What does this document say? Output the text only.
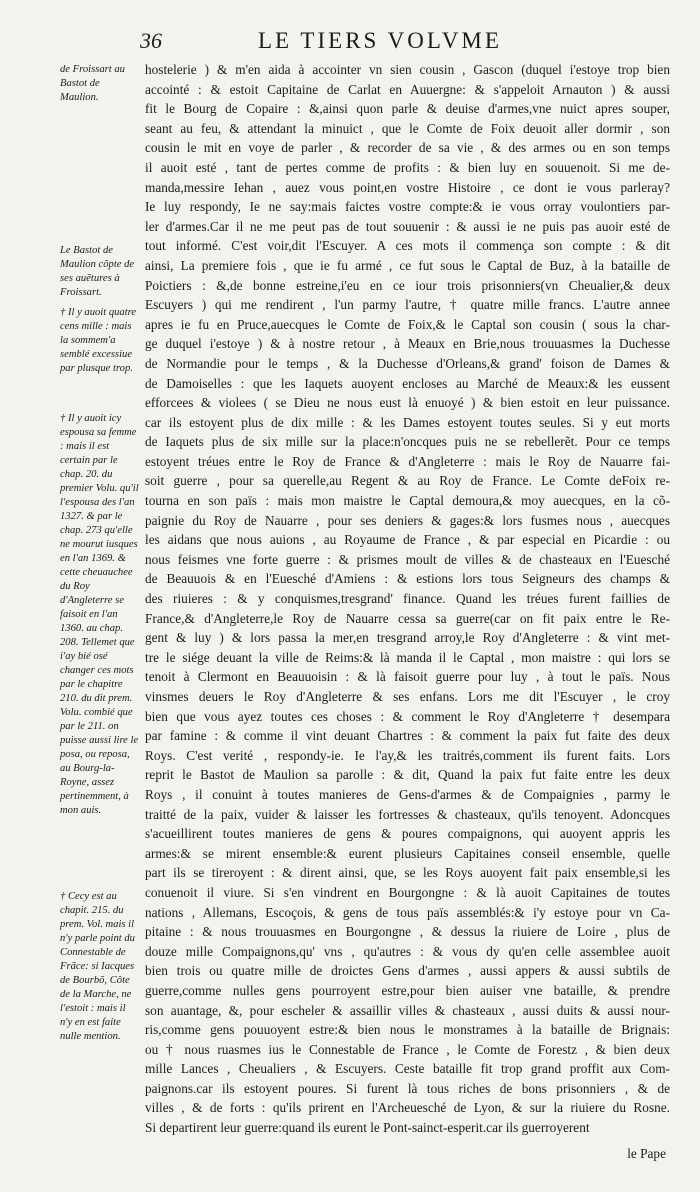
36	LE TIERS VOLVME

de Froissart au Bastot de Maulion.

Le Bastot de Maulion cõpte de ses auẽtures à Froissart.

† Il y auoit quatre cens mille : mais la sommem'a semblé excessiue par plusque trop.

† Il y auoit icy espousa sa femme : mais il est certain par le chap. 20. du premier Volu. qu'il l'espousa des l'an 1327. & par le chap. 273 qu'elle ne mourut iusques en l'an 1369. & cette cheuauchee du Roy d'Angleterre se faisoit en l'an 1360. au chap. 208. Tellemet que i'ay bié osé changer ces mots par le chapitre 210. du dit prem. Volu. combié que par le 211. on puisse aussi lire le posa, ou reposa, au Bourg-la-Royne, assez pertinemment, à mon auis.

† Cecy est au chapit. 215. du prem. Vol. mais il n'y parle point du Connestable de Frãce: si Iacques de Bourbõ, Côte de la Marche, ne l'estoit : mais il n'y en est faite nulle mention.

hostelerie ) & m'en aida à accointer vn sien cousin , Gascon (duquel i'estoye trop bien
accointé : & estoit Capitaine de Carlat en Auuergne: & s'appeloit Arnauton ) & aussi
fit le Bourg de Copaire : &,ainsi quon parle & deuise d'armes,vne nuict apres souper,
seant au feu, & attendant la minuict , que le Comte de Foix deuoit aller dormir , son
cousin le mit en voye de parler , & recorder de sa vie , & des armes ou en son temps
il auoit esté , tant de pertes comme de profits : & bien luy en souuenoit. Si me de-
manda,messire Iehan , auez vous point,en vostre Histoire , ce dont ie vous parleray?
Ie luy respondy, Ie ne say:mais faictes vostre compte:& ie vous orray voulontiers par-
ler d'armes.Car il ne me peut pas de tout souuenir : & aussi ie ne puis pas auoir esté de
tout informé. C'est voir,dit l'Escuyer. A ces mots il commença son compte : & dit
ainsi, La premiere fois , que ie fu armé , ce fut sous le Captal de Buz, à la bataille de
Poictiers : &,de bonne estreine,i'eu en ce iour trois prisonniers(vn Cheualier,& deux
Escuyers ) qui me rendirent , l'un parmy l'autre, † quatre mille francs. L'autre annee
apres ie fu en Pruce,auecques le Comte de Foix,& le Captal son cousin ( sous la char-
ge duquel i'estoye ) & à nostre retour , à Meaux en Brie,nous trouuasmes la Duchesse
de Normandie pour le temps , & la Duchesse d'Orleans,& grand' foison de Dames &
de Damoiselles : que les Iaquets auoyent encloses au Marché de Meaux:& les eussent
efforcees & violees ( se Dieu ne nous eust là enuoyé ) & bien estoit en leur puissance.
car ils estoyent plus de dix mille : & les Dames estoyent toutes seules. Si y eut morts
de Iaquets plus de six mille sur la place:n'oncques puis ne se rebellerẽt. Pour ce temps
estoyent tréues entre le Roy de France & d'Angleterre : mais le Roy de Nauarre fai-
soit guerre , pour sa querelle,au Regent & au Roy de France. Le Comte deFoix re-
tourna en son païs : mais mon maistre le Captal demoura,& moy auecques, en la cõ-
paignie du Roy de Nauarre , pour ses deniers & gages:& lors fusmes nous , auecques
les aidans que nous auions , au Royaume de France , & par especial en Picardie : ou
nous feismes vne forte guerre : & prismes moult de villes & de chasteaux en l'Euesché
de Beauuois & en l'Euesché d'Amiens : & estions lors tous Seigneurs des champs &
des riuieres : & y conquismes,tresgrand' finance. Quand les tréues furent faillies de
France,& d'Angleterre,le Roy de Nauarre cessa sa guerre(car on fit paix entre le Re-
gent & luy ) & lors passa la mer,en tresgrand arroy,le Roy d'Angleterre : & vint met-
tre le siége deuant la ville de Reims:& là manda il le Captal , mon maistre : qui lors se
tenoit à Clermont en Beauuoisin : & là faisoit guerre pour luy , à tout le païs. Nous
vinsmes deuers le Roy d'Angleterre & ses enfans. Lors me dit l'Escuyer , le croy
bien que vous ayez toutes ces choses : & comment le Roy d'Angleterre † desempara
par famine : & comme il vint deuant Chartres : & comment la paix fut faite des deux
Roys. C'est verité , respondy-ie. Ie l'ay,& les traitrés,comment ils furent faits. Lors
reprit le Bastot de Maulion sa parolle : & dit, Quand la paix fut faite entre les deux
Roys , il conuint à toutes manieres de Gens-d'armes & de Compaignies , parmy le
traitté de la paix, vuider & laisser les fortresses & chasteaux, qu'ils tenoyent. Adoncques
s'acueillirent toutes manieres de gens & poures compaignons, qui auoyent appris les
armes:& se mirent ensemble:& eurent plusieurs Capitaines conseil ensemble, quelle
part ils se tireroyent : & dirent ainsi, que, se les Roys auoyent fait paix ensemble,si les
conuenoit il viure. Si s'en vindrent en Bourgongne : & là auoit Capitaines de toutes
nations , Allemans, Escoçois, & gens de tous païs assemblés:& i'y estoye pour vn Ca-
pitaine : & nous trouuasmes en Bourgongne , & dessus la riuiere de Loire , plus de
douze mille Compaignons,qu' vns , qu'autres : & vous dy qu'en celle assemblee auoit
bien trois ou quatre mille de droictes Gens d'armes , aussi appers & aussi subtils de
guerre,comme nulles gens pourroyent estre,pour bien auiser vne bataille, & prendre
son auantage, &, pour escheler & assaillir villes & chasteaux , aussi duits & aussi nour-
ris,comme gens pouuoyent estre:& bien nous le monstrames à la bataille de Brignais:
ou † nous ruasmes ius le Connestable de France , le Comte de Forestz , & bien deux
mille Lances , Cheualiers , & Escuyers. Ceste bataille fit trop grand proffit aux Com-
paignons.car ils estoyent poures. Si furent là tous riches de bons prisonniers , & de
villes , & de forts : qu'ils prirent en l'Archeuesché de Lyon, & sur la riuiere du Rosne.
Si departirent leur guerre:quand ils eurent le Pont-sainct-esperit.car ils guerroyerent
le Pape
